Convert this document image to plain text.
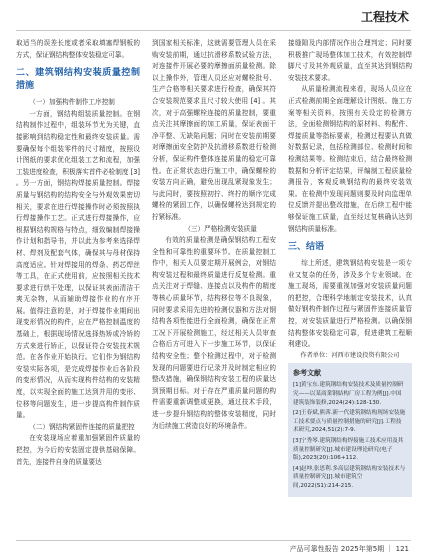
工程技术

取适当的误差长度或者采取填塞焊钢板的方式，保证钢结构整体安装稳定可靠。

二、建筑钢结构安装质量控制措施

（一）加强构件制作工序控制

一方面，钢结构组装质量控制。在钢结构制作过程中，组装环节尤为关键，直接影响到结构稳定性和最终安装质量。需要确保每个组装零件的尺寸精度，按照设计图纸的要求优化组装工艺和流程，加强工装进度检查，积极落实首件必检制度 [3] 。另一方面，钢结构焊接质量控制。焊接质量与钢结构的结构安全与外观效果密切相关，要求在进行焊接操作时必须按照执行焊接操作工艺。正式进行焊接操作，应根据钢结构规格与特点，细致编制焊接操作计划和指导书，并以此为参考来选择焊材、焊剂及配套气体，确保其与母材保持高度适应。针对焊接用的焊条、药芯焊丝等工具，在正式使用前，应按照相关技术要求进行烘干处理，以保证其表面清洁干爽无杂物，从而辅助焊接作业的有序开展。值得注意的是，对于焊接作业期间出现变形情况的构件，应在严格控制温度的基础上，根据现场情况选择热矫或冷矫的方式来进行矫正，以保证符合安装技术规范。在各作业开始执行。它们作为钢结构安装实际各项，是完成焊接作业后各阶段的变形情况，从而实现构件结构的安装精度，以实现全面的施工达到并用的变形、位移等问题发生，进一步提高构件制作质量。

（二）钢结构紧固件连接的质量把控

在安装现场应着重加强紧固件质量的把控，为今后的安装固定提供基础保障。首先，连接件自身的质量要达

到国家相关标准，这就需要管理人员在采购安装前期，通过抗滑移系数试验方法，对连接件开展必要的摩擦面质量检测。除以上操作外，管理人员还应对螺栓批号、生产合格等相关要求进行检查，确保其符合安装规范要求且尺寸较大使用 [4] 。其次，对于高强螺栓连接的质量控制，要重点关注其摩擦面的加工质量，保证表面干净平整、无缺陷问题；同时在安装前期要对摩擦面安全防护及抗滑移系数进行检测分析，保证构件整体连接质量的稳定可靠性。在正常状态进行施工中，确保螺栓的安装方向正确，避免出现乱紧现象发生；与此同时，要按照初拧、终拧的顺序完成螺栓的紧固工作，以确保螺栓达到规定的拧紧标准。

（三）严格检测安装质量

有效的质量检测是确保钢结构工程安全性和可靠性的重要环节。在质量控制工作中，相关人员要定期开展例会，对钢结构安装过程和最终质量进行反复检测。重点关注对于焊缝、连接点以及构件的精度等核心质量环节，结构移位等不良现象，同时要求采用先进的检测仪器和方法对钢结构各项性能进行全面检测，确保在正常工况下开展检测施工，经过相关人员审查合格后方可进入下一步施工环节，以保证结构安全性；整个检测过程中，对于检测发现的问题要进行记录并及时制定相应的整改措施，确保钢结构安装工程的质量达到预期目标。对于存在严重质量问题的构件需要重新调整或更换，通过技术手段，进一步提升钢结构的整体安装精度，同时为后续施工营造良好的环境条件。

接缝隙及内部情况作出合理判定；同时要积极推广现场整体加工技术，有效控制焊脚尺寸及其外观质量，直至其达到钢结构安装技术要求。

从质量检测流程来看，现场人员应在正式检测前期全面理解设计图纸、施工方案等相关资料，按照有关设定的检测方法，全面检测钢结构的原材料、构配件、焊接质量等指标要素，检测过程要认真做好数据记录，包括检测部位、检测时间和检测结果等。检测结束后，结合最终检测数据和分析评定结果，评编制工程质量检测报告，客观反映钢结构的最终安装效果。在检测中发现问题则要及时向监理单位反馈并提出整改措施，在后续工程中能够保证施工质量，直至经过复核确认达到钢结构质量标准。

三、结语

综上所述，建筑钢结构安装是一项专业又复杂的任务，涉及多个专业领域。在施工现场，需要重视加强对安装质量问题的把控，合理科学地制定安装技术，认真做好钢构件制作过程与紧固件连接质量管控，对安装质量进行严格检测。以确保钢结构整体安装稳定可靠，促进建筑工程顺利建设。

作者单位：河西市建设投资有限公司

参考文献

[1]黄宝东.建筑钢结构安装技术及质量控制研究——以某商業钢結构厂房工程为例[J].中国建筑装饰装修,2024(24):128-130.

[2]王春斌,熊茜.新一代建筑钢结构现场安装施工技术要点与质量控制措施的研究[J].工程技术研究,2024,51(2):7-9.

[3]宁秀琴.建筑钢结构焊接施工技术应用及其质量控制研究[J].城市建设理论研究(电子版),2023(20):106+112.

[4]赵坤,张思利.多高层建筑钢结构安装技术与质量控制研究[J].城市建筑空间,2022(S1):214-215.

产品可靠性报告 2025年第5期 ｜ 121
